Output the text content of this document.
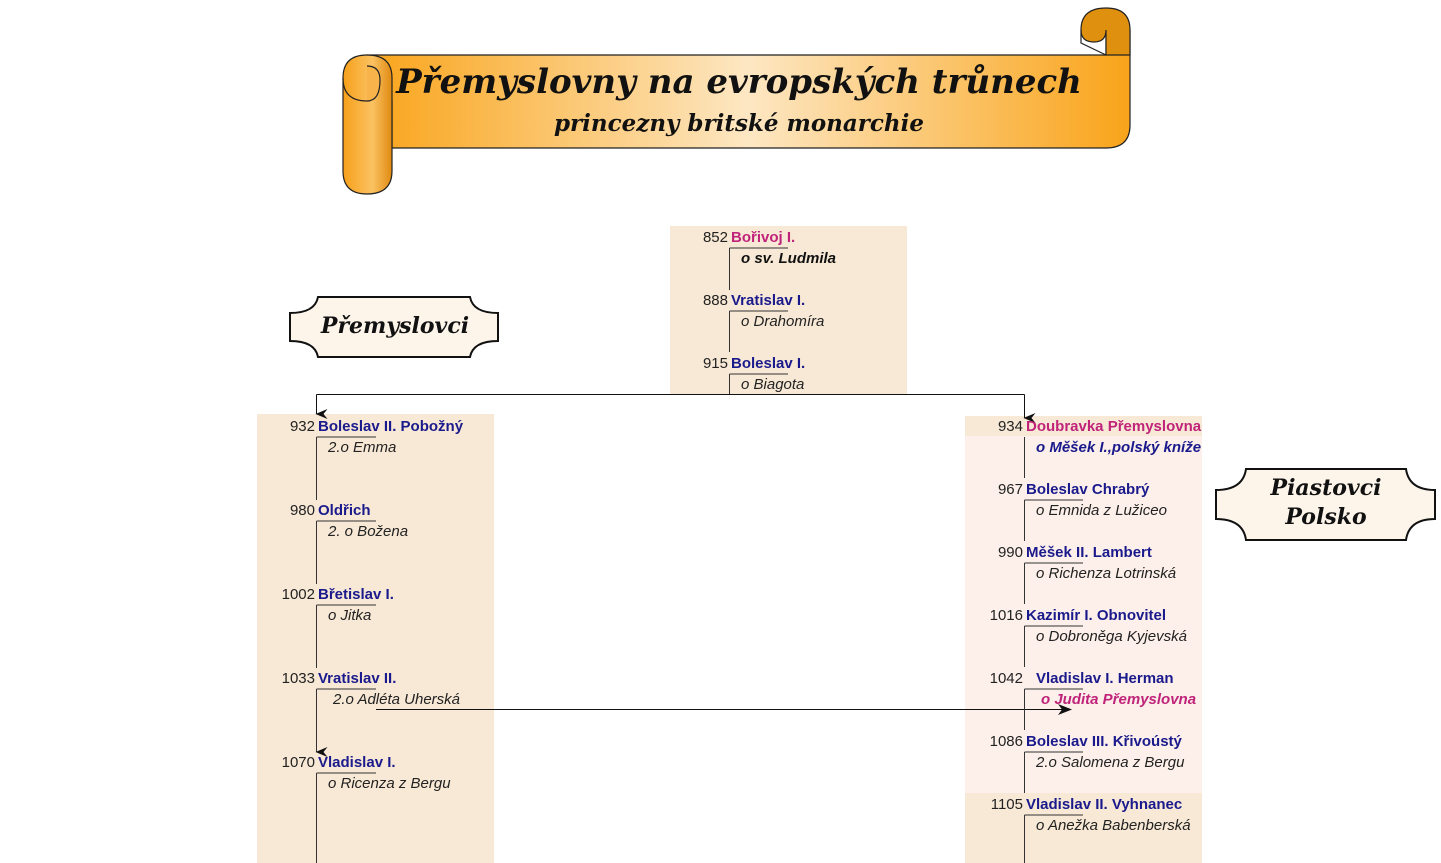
Přemyslovny na evropských trůnech
princezny britské monarchie
Přemyslovci
Piastovci
Polsko
852 Bořivoj I.
o sv. Ludmila
888 Vratislav I.
o Drahomíra
915 Boleslav I.
o Biagota
932 Boleslav II. Pobožný
2.o Emma
980 Oldřich
2. o Božena
1002 Břetislav I.
o Jitka
1033 Vratislav II.
2.o Adléta Uherská
1070 Vladislav I.
o Ricenza z Bergu
934 Doubravka Přemyslovna
o Měšek I.,polský kníže
967 Boleslav Chrabrý
o Emnida z Lužiceo
990 Měšek II. Lambert
o Richenza Lotrinská
1016 Kazimír I. Obnovitel
o Dobroněga Kyjevská
1042 Vladislav I. Herman
o Judita Přemyslovna
1086 Boleslav III. Křivoústý
2.o Salomena z Bergu
1105 Vladislav II. Vyhnanec
o Anežka Babenberská
